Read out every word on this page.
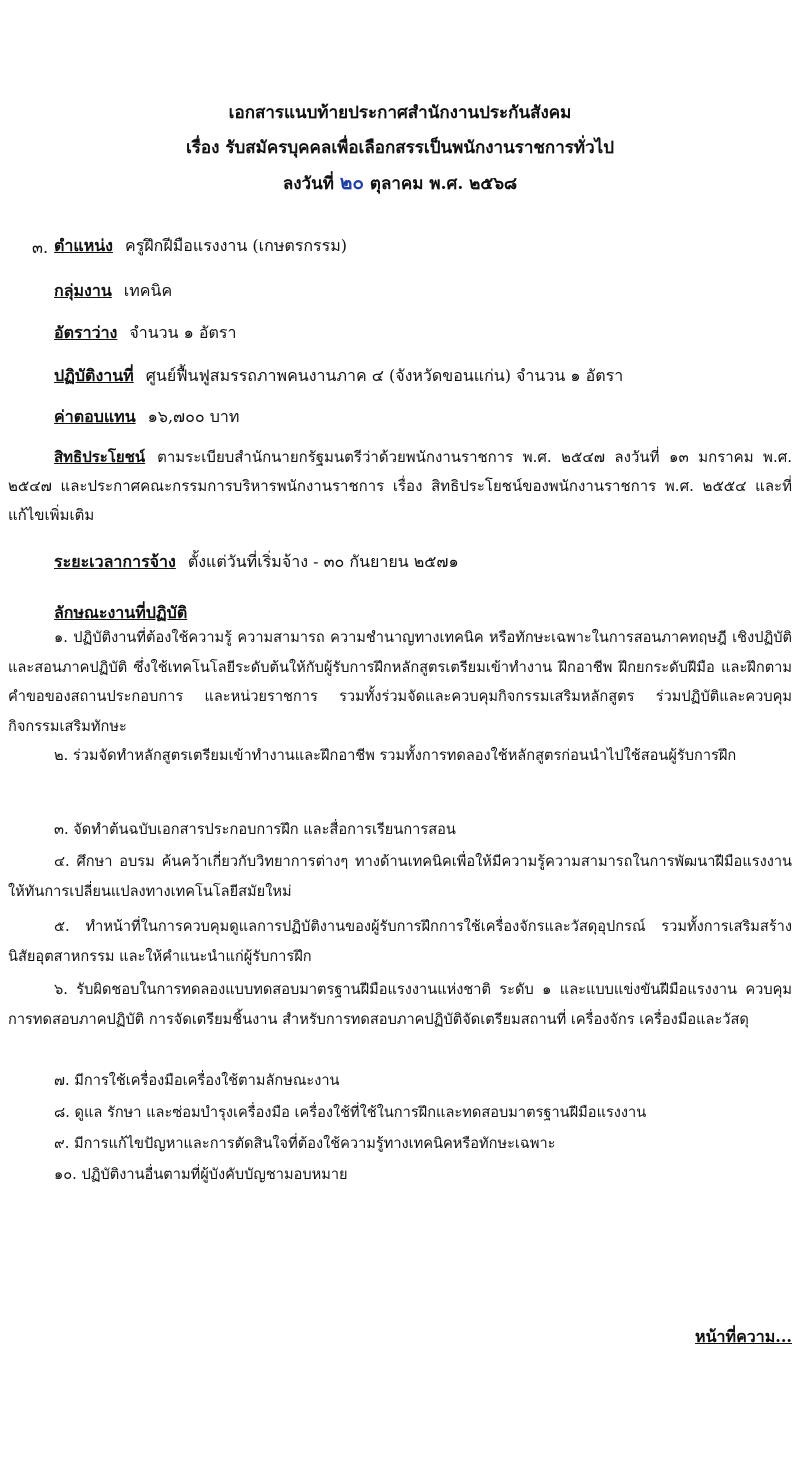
เอกสารแนบท้ายประกาศสำนักงานประกันสังคม
เรื่อง รับสมัครบุคคลเพื่อเลือกสรรเป็นพนักงานราชการทั่วไป
ลงวันที่ ๒๐ ตุลาคม พ.ศ. ๒๕๖๘
๓. ตำแหน่ง ครูฝึกฝีมือแรงงาน (เกษตรกรรม)
กลุ่มงาน เทคนิค
อัตราว่าง จำนวน ๑ อัตรา
ปฏิบัติงานที่ ศูนย์ฟื้นฟูสมรรถภาพคนงานภาค ๔ (จังหวัดขอนแก่น) จำนวน ๑ อัตรา
ค่าตอบแทน ๑๖,๗๐๐ บาท
สิทธิประโยชน์ ตามระเบียบสำนักนายกรัฐมนตรีว่าด้วยพนักงานราชการ พ.ศ. ๒๕๔๗ ลงวันที่ ๑๓ มกราคม พ.ศ. ๒๕๔๗ และประกาศคณะกรรมการบริหารพนักงานราชการ เรื่อง สิทธิประโยชน์ของพนักงานราชการ พ.ศ. ๒๕๕๔ และที่แก้ไขเพิ่มเติม
ระยะเวลาการจ้าง ตั้งแต่วันที่เริ่มจ้าง - ๓๐ กันยายน ๒๕๗๑
ลักษณะงานที่ปฏิบัติ
๑. ปฏิบัติงานที่ต้องใช้ความรู้ ความสามารถ ความชำนาญทางเทคนิค หรือทักษะเฉพาะในการสอนภาคทฤษฎี เชิงปฏิบัติและสอนภาคปฏิบัติ ซึ่งใช้เทคโนโลยีระดับต้นให้กับผู้รับการฝึกหลักสูตรเตรียมเข้าทำงาน ฝึกอาชีพ ฝึกยกระดับฝีมือ และฝึกตามคำขอของสถานประกอบการ และหน่วยราชการ รวมทั้งร่วมจัดและควบคุมกิจกรรมเสริมหลักสูตร ร่วมปฏิบัติและควบคุมกิจกรรมเสริมทักษะ
๒. ร่วมจัดทำหลักสูตรเตรียมเข้าทำงานและฝึกอาชีพ รวมทั้งการทดลองใช้หลักสูตรก่อนนำไปใช้สอนผู้รับการฝึก
๓. จัดทำต้นฉบับเอกสารประกอบการฝึก และสื่อการเรียนการสอน
๔. ศึกษา อบรม ค้นคว้าเกี่ยวกับวิทยาการต่างๆ ทางด้านเทคนิคเพื่อให้มีความรู้ความสามารถในการพัฒนาฝีมือแรงงานให้ทันการเปลี่ยนแปลงทางเทคโนโลยีสมัยใหม่
๕. ทำหน้าที่ในการควบคุมดูแลการปฏิบัติงานของผู้รับการฝึกการใช้เครื่องจักรและวัสดุอุปกรณ์ รวมทั้งการเสริมสร้างนิสัยอุตสาหกรรม และให้คำแนะนำแก่ผู้รับการฝึก
๖. รับผิดชอบในการทดลองแบบทดสอบมาตรฐานฝีมือแรงงานแห่งชาติ ระดับ ๑ และแบบแข่งขันฝีมือแรงงาน ควบคุมการทดสอบภาคปฏิบัติ การจัดเตรียมชิ้นงาน สำหรับการทดสอบภาคปฏิบัติจัดเตรียมสถานที่ เครื่องจักร เครื่องมือและวัสดุ
๗. มีการใช้เครื่องมือเครื่องใช้ตามลักษณะงาน
๘. ดูแล รักษา และซ่อมบำรุงเครื่องมือ เครื่องใช้ที่ใช้ในการฝึกและทดสอบมาตรฐานฝีมือแรงงาน
๙. มีการแก้ไขปัญหาและการตัดสินใจที่ต้องใช้ความรู้ทางเทคนิคหรือทักษะเฉพาะ
๑๐. ปฏิบัติงานอื่นตามที่ผู้บังคับบัญชามอบหมาย
หน้าที่ความ...
